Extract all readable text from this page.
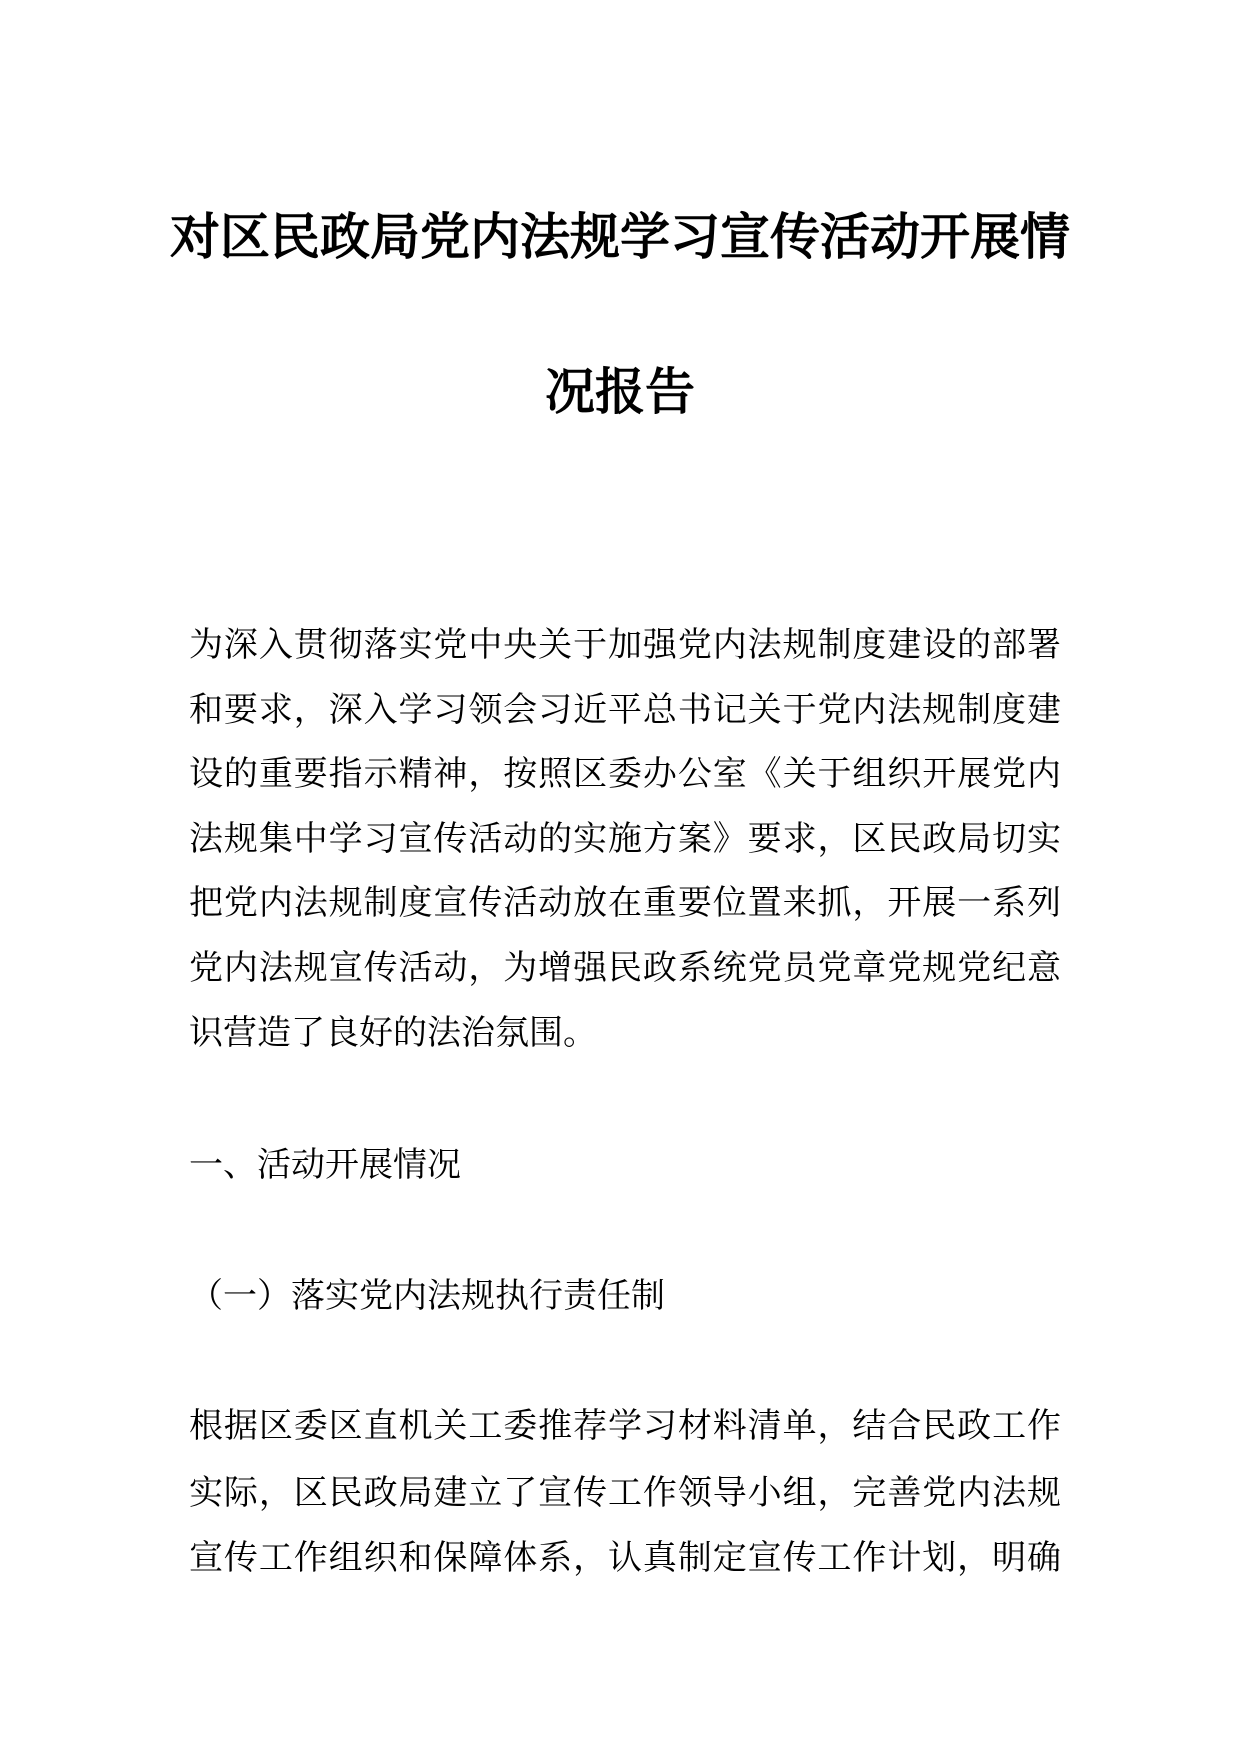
对区民政局党内法规学习宣传活动开展情
况报告
为深入贯彻落实党中央关于加强党内法规制度建设的部署
和要求，深入学习领会习近平总书记关于党内法规制度建
设的重要指示精神，按照区委办公室《关于组织开展党内
法规集中学习宣传活动的实施方案》要求，区民政局切实
把党内法规制度宣传活动放在重要位置来抓，开展一系列
党内法规宣传活动，为增强民政系统党员党章党规党纪意
识营造了良好的法治氛围。
一、活动开展情况
（一）落实党内法规执行责任制
根据区委区直机关工委推荐学习材料清单，结合民政工作
实际，区民政局建立了宣传工作领导小组，完善党内法规
宣传工作组织和保障体系，认真制定宣传工作计划，明确
